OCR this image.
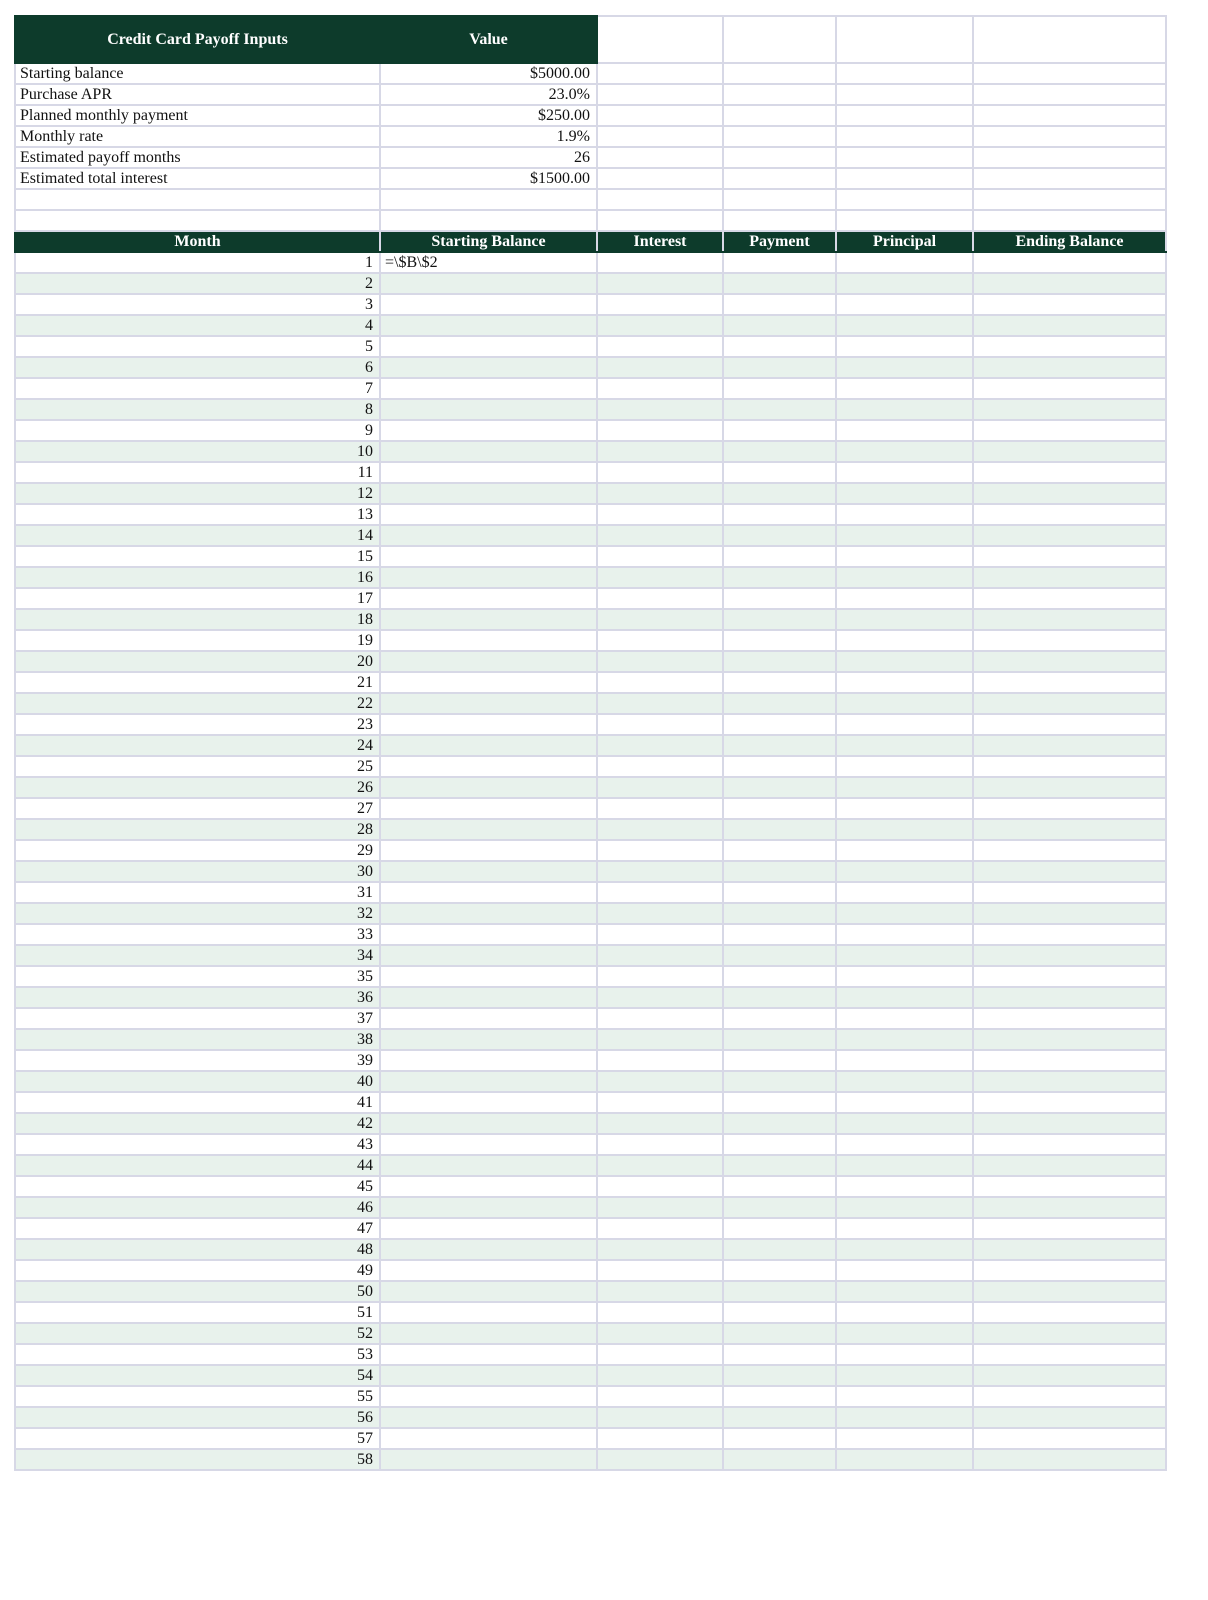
Credit Card Payoff Inputs	Value				
Starting balance	$5000.00				
Purchase APR	23.0%				
Planned monthly payment	$250.00				
Monthly rate	1.9%				
Estimated payoff months	26				
Estimated total interest	$1500.00				

Month	Starting Balance	Interest	Payment	Principal	Ending Balance
1	=\$B\$2				
2					
3					
4					
5					
6					
7					
8					
9					
10					
11					
12					
13					
14					
15					
16					
17					
18					
19					
20					
21					
22					
23					
24					
25					
26					
27					
28					
29					
30					
31					
32					
33					
34					
35					
36					
37					
38					
39					
40					
41					
42					
43					
44					
45					
46					
47					
48					
49					
50					
51					
52					
53					
54					
55					
56					
57					
58					
